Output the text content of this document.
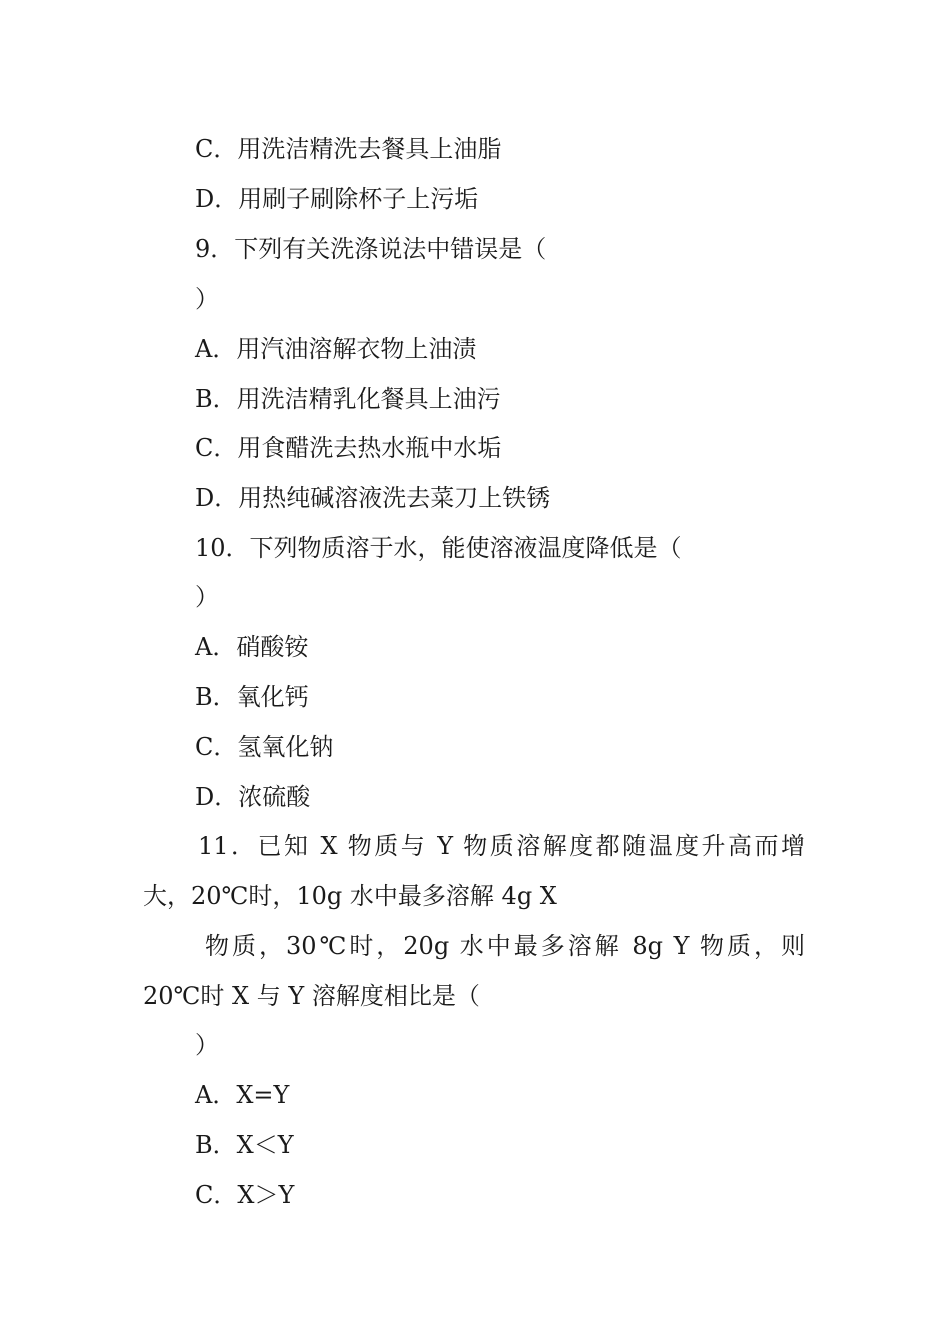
C．用洗洁精洗去餐具上油脂
D．用刷子刷除杯子上污垢
9．下列有关洗涤说法中错误是（
）
A．用汽油溶解衣物上油渍
B．用洗洁精乳化餐具上油污
C．用食醋洗去热水瓶中水垢
D．用热纯碱溶液洗去菜刀上铁锈
10．下列物质溶于水，能使溶液温度降低是（
）
A．硝酸铵
B．氧化钙
C．氢氧化钠
D．浓硫酸
11．已知 X 物质与 Y 物质溶解度都随温度升高而增
大，20℃时，10g 水中最多溶解 4g X
物质，30℃时，20g 水中最多溶解 8g Y 物质，则
20℃时 X 与 Y 溶解度相比是（
）
A．X=Y
B．X＜Y
C．X＞Y
